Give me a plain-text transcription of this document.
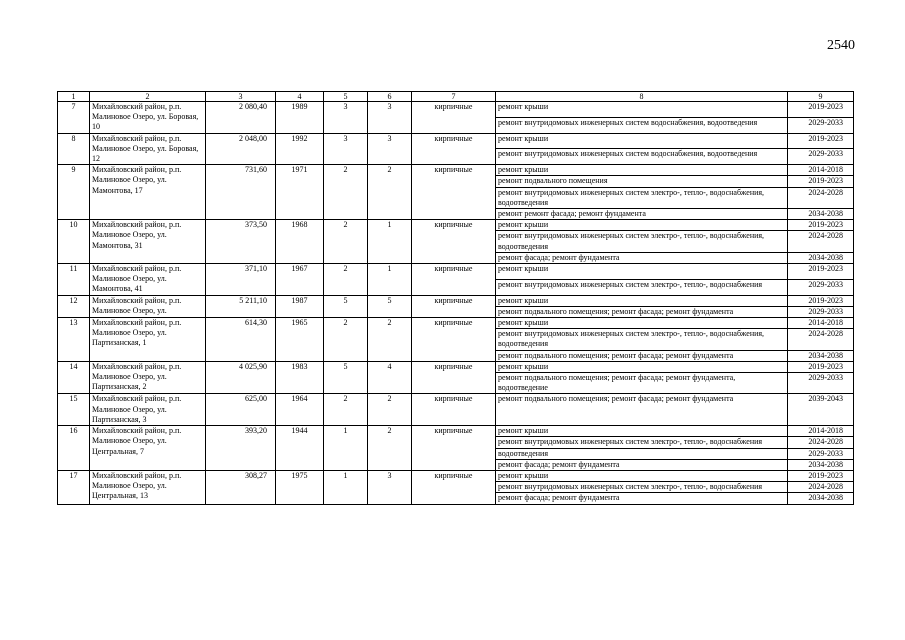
2540
1	2	3	4	5	6	7	8	9
7	Михайловский район, р.п. Малиновое Озеро, ул. Боровая, 10	2 080,40	1989	3	3	кирпичные	ремонт крыши	2019-2023
							ремонт внутридомовых инженерных систем водоснабжения, водоотведения	2029-2033
8	Михайловский район, р.п. Малиновое Озеро, ул. Боровая, 12	2 048,00	1992	3	3	кирпичные	ремонт крыши	2019-2023
							ремонт внутридомовых инженерных систем водоснабжения, водоотведения	2029-2033
9	Михайловский район, р.п. Малиновое Озеро, ул. Мамонтова, 17	731,60	1971	2	2	кирпичные	ремонт крыши	2014-2018
							ремонт подвального помещения	2019-2023
							ремонт внутридомовых инженерных систем электро-, тепло-, водоснабжения, водоотведения	2024-2028
							ремонт ремонт фасада; ремонт фундамента	2034-2038
10	Михайловский район, р.п. Малиновое Озеро, ул. Мамонтова, 31	373,50	1968	2	1	кирпичные	ремонт крыши	2019-2023
							ремонт внутридомовых инженерных систем электро-, тепло-, водоснабжения, водоотведения	2024-2028
							ремонт фасада; ремонт фундамента	2034-2038
11	Михайловский район, р.п. Малиновое Озеро, ул. Мамонтова, 41	371,10	1967	2	1	кирпичные	ремонт крыши	2019-2023
							ремонт внутридомовых инженерных систем электро-, тепло-, водоснабжения	2029-2033
12	Михайловский район, р.п. Малиновое Озеро, ул.	5 211,10	1987	5	5	кирпичные	ремонт крыши	2019-2023
							ремонт подвального помещения; ремонт фасада; ремонт фундамента	2029-2033
13	Михайловский район, р.п. Малиновое Озеро, ул. Партизанская, 1	614,30	1965	2	2	кирпичные	ремонт крыши	2014-2018
							ремонт внутридомовых инженерных систем электро-, тепло-, водоснабжения, водоотведения	2024-2028
							ремонт подвального помещения; ремонт фасада; ремонт фундамента	2034-2038
14	Михайловский район, р.п. Малиновое Озеро, ул. Партизанская, 2	4 025,90	1983	5	4	кирпичные	ремонт крыши	2019-2023
							ремонт подвального помещения; ремонт фасада; ремонт фундамента, водоотведение	2029-2033
15	Михайловский район, р.п. Малиновое Озеро, ул. Партизанская, 3	625,00	1964	2	2	кирпичные	ремонт подвального помещения; ремонт фасада; ремонт фундамента	2039-2043
16	Михайловский район, р.п. Малиновое Озеро, ул. Центральная, 7	393,20	1944	1	2	кирпичные	ремонт крыши	2014-2018
							ремонт внутридомовых инженерных систем электро-, тепло-, водоснабжения	2024-2028
							водоотведения	2029-2033
							ремонт фасада; ремонт фундамента	2034-2038
17	Михайловский район, р.п. Малиновое Озеро, ул. Центральная, 13	308,27	1975	1	3	кирпичные	ремонт крыши	2019-2023
							ремонт внутридомовых инженерных систем электро-, тепло-, водоснабжения	2024-2028
							ремонт фасада; ремонт фундамента	2034-2038
